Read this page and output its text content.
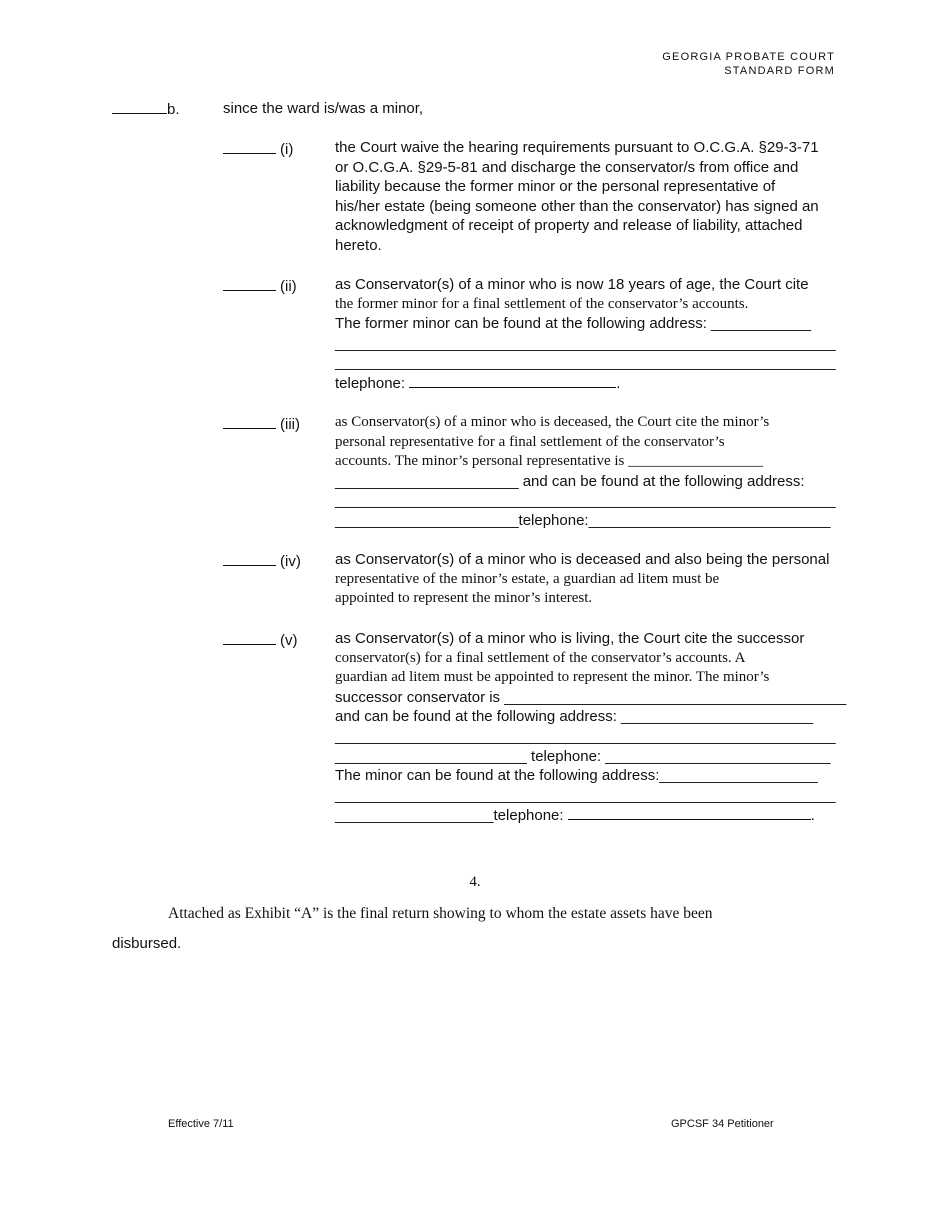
GEORGIA PROBATE COURT
STANDARD FORM
b.	since the ward is/was a minor,
(i)	the Court waive the hearing requirements pursuant to O.C.G.A. §29-3-71
or O.C.G.A. §29-5-81 and discharge the conservator/s from office and
liability because the former minor or the personal representative of
his/her estate (being someone other than the conservator) has signed an
acknowledgment of receipt of property and release of liability, attached
hereto.
(ii)	as Conservator(s) of a minor who is now 18 years of age, the Court cite
the former minor for a final settlement of the conservator’s accounts.
The former minor can be found at the following address: ____________
____________________________________________________________
____________________________________________________________
telephone:	.
(iii) as Conservator(s) of a minor who is deceased, the Court cite the minor’s
personal representative for a final settlement of the conservator’s
accounts. The minor’s personal representative is __________________
______________________ and can be found at the following address:
____________________________________________________________
______________________telephone:_____________________________
(iv) as Conservator(s) of a minor who is deceased and also being the personal
representative of the minor’s estate, a guardian ad litem must be
appointed to represent the minor’s interest.
(v)	as Conservator(s) of a minor who is living, the Court cite the successor
conservator(s) for a final settlement of the conservator’s accounts. A
guardian ad litem must be appointed to represent the minor. The minor’s
successor conservator is _________________________________________
and can be found at the following address: _______________________
____________________________________________________________
_______________________ telephone: ___________________________
The minor can be found at the following address:___________________
____________________________________________________________
___________________telephone:	.
4.
Attached as Exhibit “A” is the final return showing to whom the estate assets have been
disbursed.
Effective 7/11	GPCSF 34 Petitioner
